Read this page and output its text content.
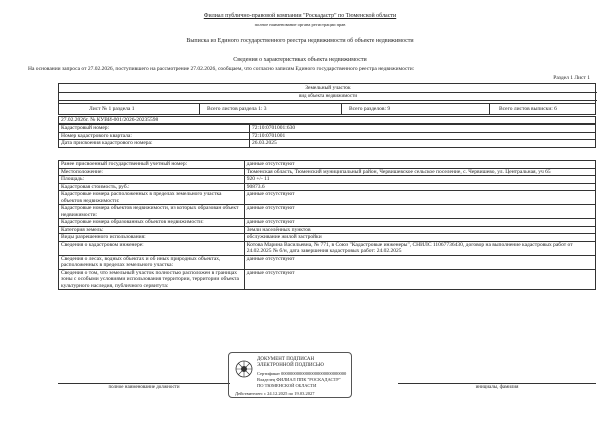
Филиал публично-правовой компании "Роскадастр" по Тюменской области
полное наименование органа регистрации прав
Выписка из Единого государственного реестра недвижимости об объекте недвижимости
Сведения о характеристиках объекта недвижимости
На основании запроса от 27.02.2026, поступившего на рассмотрение 27.02.2026, сообщаем, что согласно записям Единого государственного реестра недвижимости:
Раздел 1 Лист 1
Земельный участок
вид объекта недвижимости
Лист № 1 раздела 1	Всего листов раздела 1: 3	Всего разделов: 9	Всего листов выписки: 6
27.02.2026г. № КУВИ-001/2026-20235598
Кадастровый номер:	72:10:0701001:630
Номер кадастрового квартала:	72:10:0701001
Дата присвоения кадастрового номера:	26.03.2025
Ранее присвоенный государственный учетный номер:	данные отсутствуют
Местоположение:	Тюменская область, Тюменский муниципальный район, Червишевское сельское поселение, с. Червишево, ул. Центральная, уч 65
Площадь:	920 +/- 11
Кадастровая стоимость, руб.:	90873.6
Кадастровые номера расположенных в пределах земельного участка объектов недвижимости:	данные отсутствуют
Кадастровые номера объектов недвижимости, из которых образован объект недвижимости:	данные отсутствуют
Кадастровые номера образованных объектов недвижимости:	данные отсутствуют
Категория земель:	Земли населённых пунктов
Виды разрешенного использования:	обслуживание жилой застройки
Сведения о кадастровом инженере:	Котова Марина Васильевна, № 771, в Союз "Кадастровые инженеры", СНИЛС 11067736430, договор на выполнение кадастровых работ от 24.02.2025 № б/н, дата завершения кадастровых работ: 24.02.2025
Сведения о лесах, водных объектах и об иных природных объектах, расположенных в пределах земельного участка:	данные отсутствуют
Сведения о том, что земельный участок полностью расположен в границах зоны с особыми условиями использования территории, территории объекта культурного наследия, публичного сервитута:	данные отсутствуют
полное наименование должности	инициалы, фамилия
ДОКУМЕНТ ПОДПИСАН
ЭЛЕКТРОННОЙ ПОДПИСЬЮ
Сертификат 00000000000000000000000000000
Владелец ФИЛИАЛ ППК "РОСКАДАСТР"
ПО ТЮМЕНСКОЙ ОБЛАСТИ
Действителен: с 24.12.2025 по 19.03.2027
